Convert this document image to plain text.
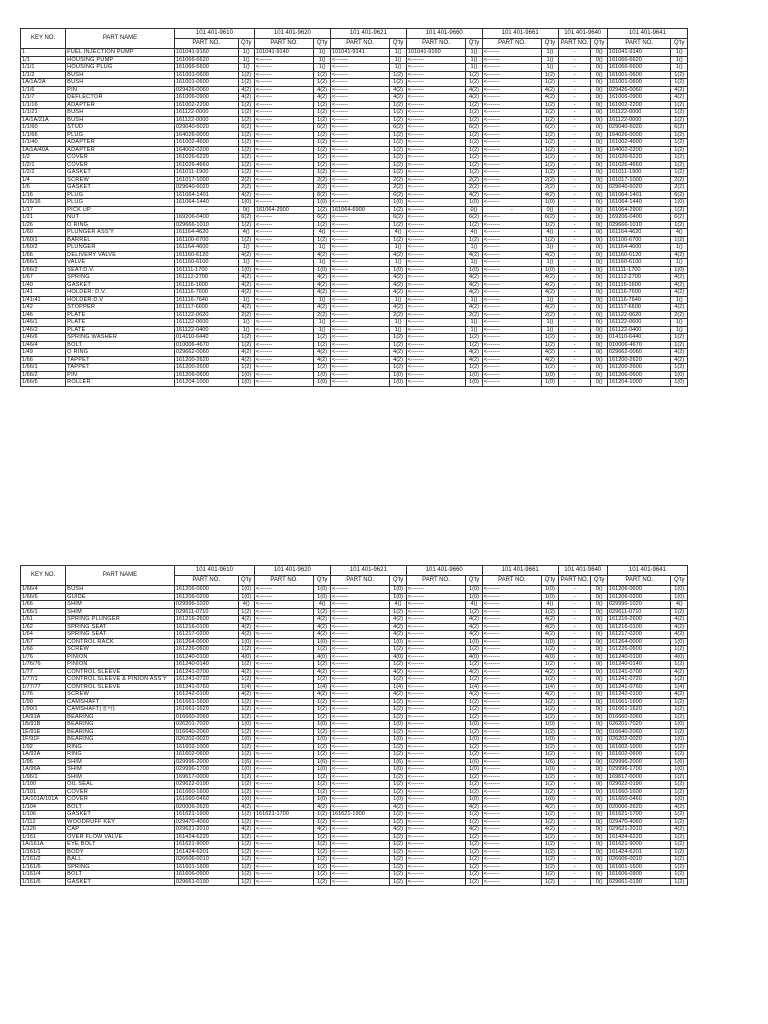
KEY NO.	PART NAME	101 401-9610		101 401-9620		101 401-9621		101 401-9660		101 401-9661		101 401-9640		101 401-9641	
		PART NO.	Q'ty	PART NO.	Q'ty	PART NO.	Q'ty	PART NO.	Q'ty	PART NO.	Q'ty	PART NO.	Q'ty	PART NO.	Q'ty
1	FUEL INJECTION PUMP	101041-9160	1()	101041-9140	1()	101041-9141	1()	101041-9160	1()	<-------	1()	-	0()	101041-9140	1()
1/1	HOUSING PUMP	161066-6620	1()	<-------	1()	<-------	1()	<-------	1()	<-------	1()	-	0()	161066-6620	1()
1/1/1	HOUSING PLUG	161066-6600	1()	<-------	1()	<-------	1()	<-------	1()	<-------	1()	-	0()	161066-6600	1()
1/1/2	BUSH	161001-0600	1(2)	<-------	1(2)	<-------	1(2)	<-------	1(2)	<-------	1(2)	-	0()	161001-0600	1(2)
1A/1A/2A	BUSH	161001-0600	1(2)	<-------	1(2)	<-------	1(2)	<-------	1(2)	<-------	1(2)	-	0()	161001-0600	1(2)
1/1/6	PIN	029426-0060	4(2)	<-------	4(2)	<-------	4(2)	<-------	4(2)	<-------	4(2)	-	0()	029426-0060	4(2)
1/1/7	DEFLECTOR	161006-0900	4(2)	<-------	4(2)	<-------	4(2)	<-------	4(2)	<-------	4(2)	-	0()	161006-0900	4(2)
1/1/16	ADAPTER	161002-2200	1(2)	<-------	1(2)	<-------	1(2)	<-------	1(2)	<-------	1(2)	-	0()	161002-2200	1(2)
1/1/21	BUSH	161122-0000	1(2)	<-------	1(2)	<-------	1(2)	<-------	1(2)	<-------	1(2)	-	0()	161122-0000	1(2)
1A/1A/21A	BUSH	161122-0000	1(2)	<-------	1(2)	<-------	1(2)	<-------	1(2)	<-------	1(2)	-	0()	161122-0000	1(2)
1/1/60	STUD	029040-6020	6(2)	<-------	6(2)	<-------	6(2)	<-------	6(2)	<-------	6(2)	-	0()	029040-6020	6(2)
1/1/66	PLUG	164026-0000	1(2)	<-------	1(2)	<-------	1(2)	<-------	1(2)	<-------	1(2)	-	0()	164026-0000	1(2)
1/1/40	ADAPTER	161002-4600	1(2)	<-------	1(2)	<-------	1(2)	<-------	1(2)	<-------	1(2)	-	0()	161002-4600	1(2)
1A/1A/40A	ADAPTER	164002-0200	1(2)	<-------	1(2)	<-------	1(2)	<-------	1(2)	<-------	1(2)	-	0()	164002-0200	1(2)
1/2	COVER	161026-6220	1(2)	<-------	1(2)	<-------	1(2)	<-------	1(2)	<-------	1(2)	-	0()	161026-6220	1(2)
1/2/1	COVER	161026-4660	1(2)	<-------	1(2)	<-------	1(2)	<-------	1(2)	<-------	1(2)	-	0()	161026-4660	1(2)
1/2/2	GASKET	161011-1900	1(2)	<-------	1(2)	<-------	1(2)	<-------	1(2)	<-------	1(2)	-	0()	161011-1900	1(2)
1/4	SCREW	161017-1000	2(2)	<-------	2(2)	<-------	2(2)	<-------	2(2)	<-------	2(2)	-	0()	161017-1000	2(2)
1/6	GASKET	029640-6020	2(2)	<-------	2(2)	<-------	2(2)	<-------	2(2)	<-------	2(2)	-	0()	029640-6020	2(2)
1/16	PLUG	161064-1401	4(2)	<-------	6(2)	<-------	6(2)	<-------	4(2)	<-------	4(2)	-	0()	161064-1401	6(2)
1/16/16	PLUG	161064-1440	1(0)	<-------	1(0)	<-------	1(0)	<-------	1(0)	<-------	1(0)	-	0()	161064-1440	1(0)
1/17	PICK UP	-	0()	161064-2900	1(2)	161064-6900	1(2)	<-------	0()	-	0()	-	0()	161064-2900	1(2)
1/21	NUT	169206-0400	6(2)	<-------	6(2)	<-------	6(2)	<-------	6(2)	<-------	6(2)	-	0()	169206-0400	6(2)
1/26	O RING	029666-1010	1(2)	<-------	1(2)	<-------	1(2)	<-------	1(2)	<-------	1(2)	-	0()	029666-1010	1(2)
1/60	PLUNGER ASS'Y	161164-4620	4()	<-------	4()	<-------	4()	<-------	4()	<-------	4()	-	0()	161164-4620	4()
1/60/1	BARREL	161100-6700	1(2)	<-------	1(2)	<-------	1(2)	<-------	1(2)	<-------	1(2)	-	0()	161100-6700	1(2)
1/60/2	PLUNGER	161164-4600	1()	<-------	1()	<-------	1()	<-------	1()	<-------	1()	-	0()	161164-4600	1()
1/66	DELIVERY VALVE	161160-6120	4(2)	<-------	4(2)	<-------	4(2)	<-------	4(2)	<-------	4(2)	-	0()	161160-6120	4(2)
1/66/1	VALVE	161160-6100	1()	<-------	1()	<-------	1()	<-------	1()	<-------	1()	-	0()	161160-6100	1()
1/66/2	SEAT:D.V.	161111-1700	1(0)	<-------	1(0)	<-------	1(0)	<-------	1(0)	<-------	1(0)	-	0()	161111-1700	1(0)
1/67	SPRING	161112-2700	4(2)	<-------	4(2)	<-------	4(2)	<-------	4(2)	<-------	4(2)	-	0()	161112-2700	4(2)
1/40	GASKET	161116-1600	4(2)	<-------	4(2)	<-------	4(2)	<-------	4(2)	<-------	4(2)	-	0()	161116-1600	4(2)
1/41	HOLDER: D.V.	161116-7600	4(2)	<-------	4(2)	<-------	4(2)	<-------	4(2)	<-------	4(2)	-	0()	161116-7600	4(2)
1/41/41	HOLDER:D.V	161116-7640	1()	<-------	1()	<-------	1()	<-------	1()	<-------	1()	-	0()	161116-7640	1()
1/42	STOPPER	161117-6600	4(2)	<-------	4(2)	<-------	4(2)	<-------	4(2)	<-------	4(2)	-	0()	161117-6600	4(2)
1/46	PLATE	161122-0620	2(2)	<-------	2(2)	<-------	2(2)	<-------	2(2)	<-------	2(2)	-	0()	161122-0620	2(2)
1/46/1	PLATE	161122-0600	1()	<-------	1()	<-------	1()	<-------	1()	<-------	1()	-	0()	161122-0600	1()
1/46/2	PLATE	161122-0400	1()	<-------	1()	<-------	1()	<-------	1()	<-------	1()	-	0()	161122-0400	1()
1/46/6	SPRING WASHER	014110-6440	1(2)	<-------	1(2)	<-------	1(2)	<-------	1(2)	<-------	1(2)	-	0()	014110-6440	1(2)
1/46/4	BOLT	010006-4670	1(2)	<-------	1(2)	<-------	1(2)	<-------	1(2)	<-------	1(2)	-	0()	010006-4670	1(2)
1/49	O RING	029662-0060	4(2)	<-------	4(2)	<-------	4(2)	<-------	4(2)	<-------	4(2)	-	0()	029662-0060	4(2)
1/66	TAPPET	161200-2620	4(2)	<-------	4(2)	<-------	4(2)	<-------	4(2)	<-------	4(2)	-	0()	161200-2620	4(2)
1/66/1	TAPPET	161200-2600	1(2)	<-------	1(2)	<-------	1(2)	<-------	1(2)	<-------	1(2)	-	0()	161200-2600	1(2)
1/66/2	PIN	161206-0600	1(0)	<-------	1(0)	<-------	1(0)	<-------	1(0)	<-------	1(0)	-	0()	161206-0600	1(0)
1/66/6	ROLLER	161204-1000	1(0)	<-------	1(0)	<-------	1(0)	<-------	1(0)	<-------	1(0)	-	0()	161204-1000	1(0)
KEY NO.	PART NAME	101 401-9610		101 401-9620		101 401-9621		101 401-9660		101 401-9661		101 401-9640		101 401-9641	
		PART NO.	Q'ty	PART NO.	Q'ty	PART NO.	Q'ty	PART NO.	Q'ty	PART NO.	Q'ty	PART NO.	Q'ty	PART NO.	Q'ty
1/66/4	BUSH	161206-0600	1(0)	<-------	1(0)	<-------	1(0)	<-------	1(0)	<-------	1(0)	-	0()	161206-0600	1(0)
1/66/6	GUIDE	161206-0200	1(0)	<-------	1(0)	<-------	1(0)	<-------	1(0)	<-------	1(0)	-	0()	161206-0200	1(0)
1/66	SHIM	029996-1020	4()	<-------	4()	<-------	4()	<-------	4()	<-------	4()	-	0()	029996-1020	4()
1/66/1	SHIM	029611-0710	1(2)	<-------	1(2)	<-------	1(2)	<-------	1(2)	<-------	1(2)	-	0()	029611-0710	1(2)
1/61	SPRING PLUNGER	161216-2600	4(2)	<-------	4(2)	<-------	4(2)	<-------	4(2)	<-------	4(2)	-	0()	161216-2600	4(2)
1/62	SPRING SEAT	161216-0100	4(2)	<-------	4(2)	<-------	4(2)	<-------	4(2)	<-------	4(2)	-	0()	161216-0100	4(2)
1/64	SPRING SEAT	161217-0200	4(2)	<-------	4(2)	<-------	4(2)	<-------	4(2)	<-------	4(2)	-	0()	161217-0200	4(2)
1/67	CONTROL RACK	161264-0000	1(0)	<-------	1(0)	<-------	1(0)	<-------	1(0)	<-------	1(0)	-	0()	161264-0000	1(0)
1/66	SCREW	161226-0600	1(2)	<-------	1(2)	<-------	1(2)	<-------	1(2)	<-------	1(2)	-	0()	161226-0600	1(2)
1/76	PINION	161240-0100	4(0)	<-------	4(0)	<-------	4(0)	<-------	4(0)	<-------	4(0)	-	0()	161240-0100	4(0)
1/76/76	PINION	161240-0140	1(2)	<-------	1(2)	<-------	1(2)	<-------	1(2)	<-------	1(2)	-	0()	161240-0140	1(2)
1/77	CONTROL SLEEVE	161241-0700	4(2)	<-------	4(2)	<-------	4(2)	<-------	4(2)	<-------	4(2)	-	0()	161241-0700	4(2)
1/77/1	CONTROL SLEEVE & PINION ASS'Y	161241-0720	1(2)	<-------	1(2)	<-------	1(2)	<-------	1(2)	<-------	1(2)	-	0()	161241-0720	1(2)
1/77/77	CONTROL SLEEVE	161241-0760	1(4)	<-------	1(4)	<-------	1(4)	<-------	1(4)	<-------	1(4)	-	0()	161241-0760	1(4)
1/76	SCREW	161242-0100	4(2)	<-------	4(2)	<-------	4(2)	<-------	4(2)	<-------	4(2)	-	0()	161242-0100	4(2)
1/90	CAMSHAFT	161661-1600	1(2)	<-------	1(2)	<-------	1(2)	<-------	1(2)	<-------	1(2)	-	0()	161661-1600	1(2)
1/90/1	CAMSHAFT(절삭)	161661-1620	1(2)	<-------	1(2)	<-------	1(2)	<-------	1(2)	<-------	1(2)	-	0()	161661-1620	1(2)
1A/91A	BEARING	016660-2060	1(2)	<-------	1(2)	<-------	1(2)	<-------	1(2)	<-------	1(2)	-	0()	016660-2060	1(2)
1B/91B	BEARING	026201-7020	1(0)	<-------	1(0)	<-------	1(0)	<-------	1(0)	<-------	1(0)	-	0()	026201-7020	1(0)
1E/91E	BEARING	016640-2060	1(2)	<-------	1(2)	<-------	1(2)	<-------	1(2)	<-------	1(2)	-	0()	016640-2060	1(2)
1F/91F	BEARING	026202-0020	1(0)	<-------	1(0)	<-------	1(0)	<-------	1(0)	<-------	1(0)	-	0()	026202-0020	1(0)
1/92	RING	161602-1000	1(2)	<-------	1(2)	<-------	1(2)	<-------	1(2)	<-------	1(2)	-	0()	161602-1000	1(2)
1A/92A	RING	161602-0600	1(2)	<-------	1(2)	<-------	1(2)	<-------	1(2)	<-------	1(2)	-	0()	161602-0600	1(2)
1/96	SHIM	029996-2000	1(6)	<-------	1(6)	<-------	1(6)	<-------	1(6)	<-------	1(6)	-	0()	029996-2000	1(6)
1A/96A	SHIM	029996-1700	1(0)	<-------	1(0)	<-------	1(0)	<-------	1(0)	<-------	1(0)	-	0()	029996-1700	1(0)
1/96/1	SHIM	169617-0000	1(2)	<-------	1(2)	<-------	1(2)	<-------	1(2)	<-------	1(2)	-	0()	169617-0000	1(2)
1/100	OIL SEAL	029622-0190	1(2)	<-------	1(2)	<-------	1(2)	<-------	1(2)	<-------	1(2)	-	0()	029622-0190	1(2)
1/101	COVER	161660-1600	1(2)	<-------	1(2)	<-------	1(2)	<-------	1(2)	<-------	1(2)	-	0()	161660-1600	1(2)
1A/101A/101A	COVER	161660-0460	1(0)	<-------	1(0)	<-------	1(0)	<-------	1(0)	<-------	1(0)	-	0()	161660-0460	1(0)
1/104	BOLT	020006-2620	4(2)	<-------	4(2)	<-------	4(2)	<-------	4(2)	<-------	4(2)	-	0()	020006-2620	4(2)
1/106	GASKET	161621-1900	1(2)	161621-1700	1(2)	161621-1900	1(2)	<-------	1(2)	<-------	1(2)	-	0()	161621-1700	1(2)
1/112	WOODRUFF KEY	029470-4060	1(2)	<-------	1(2)	<-------	1(2)	<-------	1(2)	<-------	1(2)	-	0()	029470-4060	1(2)
1/126	CAP	029621-2010	4(2)	<-------	4(2)	<-------	4(2)	<-------	4(2)	<-------	4(2)	-	0()	029621-2010	4(2)
1/161	OVER FLOW VALVE	161424-6220	1(2)	<-------	1(2)	<-------	1(2)	<-------	1(2)	<-------	1(2)	-	0()	161424-6220	1(2)
1A/161A	EYE BOLT	161621-9000	1(2)	<-------	1(2)	<-------	1(2)	<-------	1(2)	<-------	1(2)	-	0()	161621-9000	1(2)
1/161/1	BODY	161424-6201	1(2)	<-------	1(2)	<-------	1(2)	<-------	1(2)	<-------	1(2)	-	0()	161424-6201	1(2)
1/161/2	BALL	026606-0010	1(2)	<-------	1(2)	<-------	1(2)	<-------	1(2)	<-------	1(2)	-	0()	026606-0010	1(2)
1/161/6	SPRING	161601-1600	1(2)	<-------	1(2)	<-------	1(2)	<-------	1(2)	<-------	1(2)	-	0()	161601-1600	1(2)
1/161/4	BOLT	161606-0900	1(2)	<-------	1(2)	<-------	1(2)	<-------	1(2)	<-------	1(2)	-	0()	161606-0900	1(2)
1/161/6	GASKET	029661-0190	1(2)	<-------	1(2)	<-------	1(2)	<-------	1(2)	<-------	1(2)	-	0()	029661-0190	1(2)
